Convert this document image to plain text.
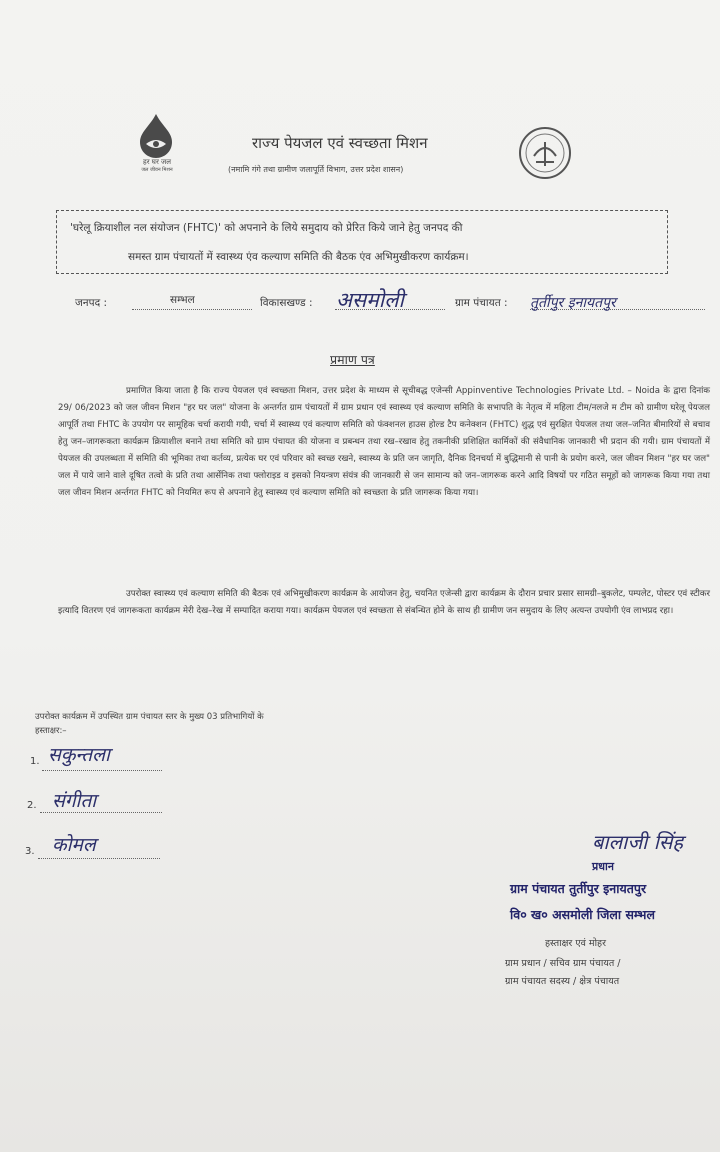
हर घर जल
जल जीवन मिशन
राज्य पेयजल एवं स्वच्छता मिशन
(नमामि गंगे तथा ग्रामीण जलापूर्ति विभाग, उत्तर प्रदेश शासन)
'घरेलू क्रियाशील नल संयोजन (FHTC)' को अपनाने के लिये समुदाय को प्रेरित किये जाने हेतु जनपद की
समस्त ग्राम पंचायतों में स्वास्थ्य एंव कल्याण समिति की बैठक एंव अभिमुखीकरण कार्यक्रम।
जनपद :	सम्भल	विकासखण्ड : असमोली	ग्राम पंचायत : तुर्तीपुर इनायतपुर
प्रमाण पत्र

प्रमाणित किया जाता है कि राज्य पेयजल एवं स्वच्छता मिशन, उत्तर प्रदेश के माध्यम से सूचीबद्ध एजेन्सी Appinventive Technologies Private Ltd. – Noida के द्वारा दिनांक 29/ 06/2023 को जल जीवन मिशन "हर घर जल" योजना के अन्तर्गत ग्राम पंचायतों में ग्राम प्रधान एवं स्वास्थ्य एवं कल्याण समिति के सभापति के नेतृत्व में महिला टीम/नलजे म टीम को ग्रामीण घरेलू पेयजल आपूर्ति तथा FHTC के उपयोग पर सामूहिक चर्चा करायी गयी, चर्चा में स्वास्थ्य एवं कल्याण समिति को फंक्शनल हाउस होल्ड टैप कनेक्शन (FHTC) शुद्ध एवं सुरक्षित पेयजल तथा जल–जनित बीमारियों से बचाव हेतु जन–जागरूकता कार्यक्रम क्रियाशील बनाने तथा समिति को ग्राम पंचायत की योजना व प्रबन्धन तथा रख–रखाव हेतु तकनीकी प्रशिक्षित कार्मिकों की संवैधानिक जानकारी भी प्रदान की गयी। ग्राम पंचायतों में पेयजल की उपलब्धता में समिति की भूमिका तथा कर्तव्य, प्रत्येक घर एवं परिवार को स्वच्छ रखने, स्वास्थ्य के प्रति जन जागृति, दैनिक दिनचर्या में बुद्धिमानी से पानी के प्रयोग करने, जल जीवन मिशन "हर घर जल" जल में पाये जाने वाले दूषित तत्वो के प्रति तथा आर्सेनिक तथा फ्लोराइड व इसको नियन्त्रण संयंत्र की जानकारी से जन सामान्य को जन–जागरूक करने आदि विषयों पर गठित समूहों को जागरूक किया गया तथा जल जीवन मिशन अर्न्तगत FHTC को नियमित रूप से अपनाने हेतु स्वास्थ्य एवं कल्याण समिति को स्वच्छता के प्रति जागरूक किया गया।

उपरोक्त स्वास्थ्य एवं कल्याण समिति की बैठक एवं अभिमुखीकरण कार्यक्रम के आयोजन हेतु, चयनित एजेन्सी द्वारा कार्यक्रम के दौरान प्रचार प्रसार सामग्री–बुकलेट, पम्पलेट, पोस्टर एवं स्टीकर इत्यादि वितरण एवं जागरूकता कार्यक्रम मेरी देख–रेख में सम्पादित कराया गया। कार्यक्रम पेयजल एवं स्वच्छता से संबन्धित होने के साथ ही ग्रामीण जन समुदाय के लिए अत्यन्त उपयोगी एंव लाभप्रद रहा।

उपरोक्त कार्यक्रम में उपस्थित ग्राम पंचायत स्तर के मुख्य 03 प्रतिभागियों के
हस्ताक्षर:–
1. सकुन्तला
2. संगीता
3. कोमल	बालाजी सिंह
प्रधान
ग्राम पंचायत तुर्तीपुर इनायतपुर
वि० ख० असमोली जिला सम्भल
हस्ताक्षर एवं मोहर
ग्राम प्रधान / सचिव ग्राम पंचायत /
ग्राम पंचायत सदस्य / क्षेत्र पंचायत
